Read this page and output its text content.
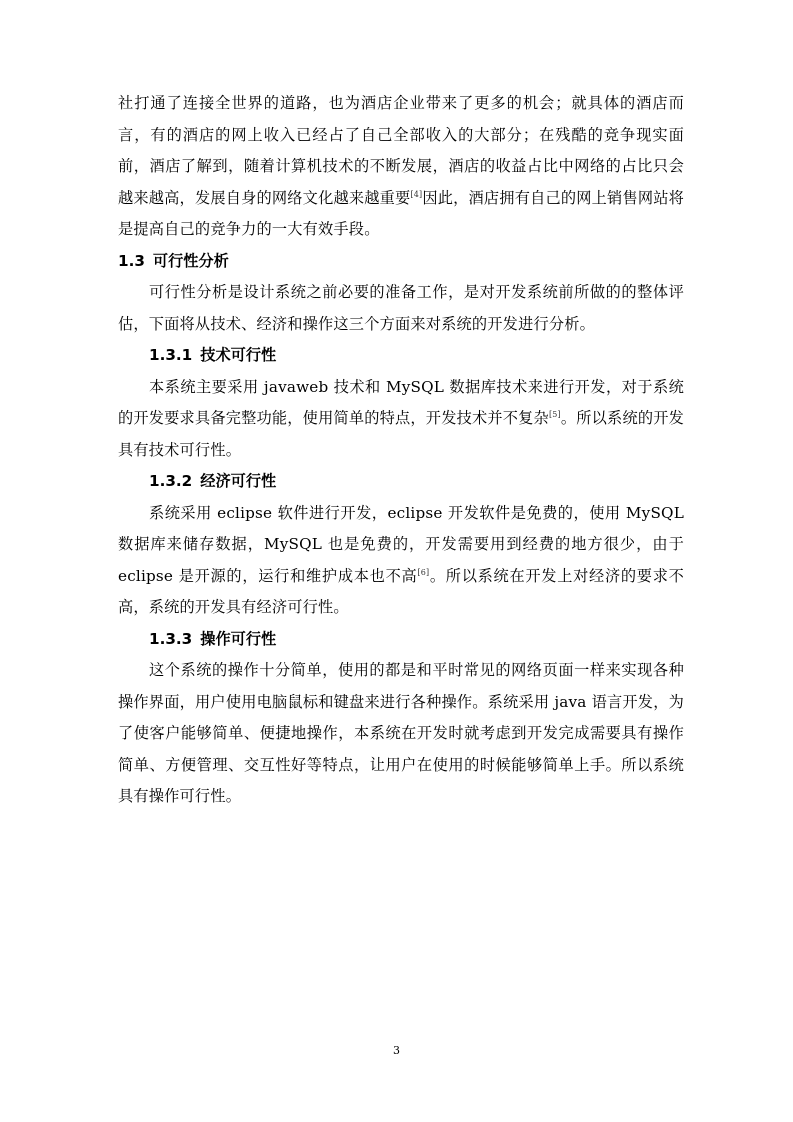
社打通了连接全世界的道路，也为酒店企业带来了更多的机会；就具体的酒店而言，有的酒店的网上收入已经占了自己全部收入的大部分；在残酷的竞争现实面前，酒店了解到，随着计算机技术的不断发展，酒店的收益占比中网络的占比只会越来越高，发展自身的网络文化越来越重要[4]因此，酒店拥有自己的网上销售网站将是提高自己的竞争力的一大有效手段。

1.3 可行性分析

可行性分析是设计系统之前必要的准备工作，是对开发系统前所做的的整体评估，下面将从技术、经济和操作这三个方面来对系统的开发进行分析。

1.3.1 技术可行性

本系统主要采用 javaweb 技术和 MySQL 数据库技术来进行开发，对于系统的开发要求具备完整功能，使用简单的特点，开发技术并不复杂[5]。所以系统的开发具有技术可行性。

1.3.2 经济可行性

系统采用 eclipse 软件进行开发，eclipse 开发软件是免费的，使用 MySQL 数据库来储存数据，MySQL 也是免费的，开发需要用到经费的地方很少，由于 eclipse 是开源的，运行和维护成本也不高[6]。所以系统在开发上对经济的要求不高，系统的开发具有经济可行性。

1.3.3 操作可行性

这个系统的操作十分简单，使用的都是和平时常见的网络页面一样来实现各种操作界面，用户使用电脑鼠标和键盘来进行各种操作。系统采用 java 语言开发，为了使客户能够简单、便捷地操作，本系统在开发时就考虑到开发完成需要具有操作简单、方便管理、交互性好等特点，让用户在使用的时候能够简单上手。所以系统具有操作可行性。

3
